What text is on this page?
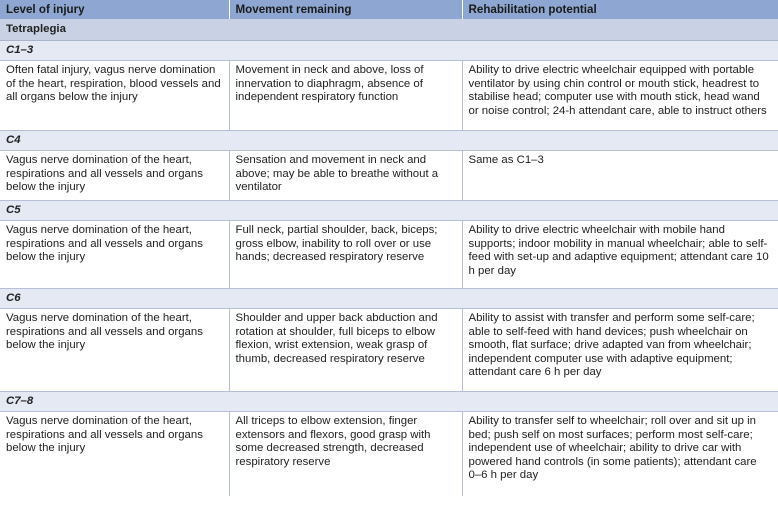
Level of injury	Movement remaining	Rehabilitation potential
Tetraplegia		
C1–3		
Often fatal injury, vagus nerve domination of the heart, respiration, blood vessels and all organs below the injury	Movement in neck and above, loss of innervation to diaphragm, absence of independent respiratory function	Ability to drive electric wheelchair equipped with portable ventilator by using chin control or mouth stick, headrest to stabilise head; computer use with mouth stick, head wand or noise control; 24-h attendant care, able to instruct others
C4		
Vagus nerve domination of the heart, respirations and all vessels and organs below the injury	Sensation and movement in neck and above; may be able to breathe without a ventilator	Same as C1–3
C5		
Vagus nerve domination of the heart, respirations and all vessels and organs below the injury	Full neck, partial shoulder, back, biceps; gross elbow, inability to roll over or use hands; decreased respiratory reserve	Ability to drive electric wheelchair with mobile hand supports; indoor mobility in manual wheelchair; able to self-feed with set-up and adaptive equipment; attendant care 10 h per day
C6		
Vagus nerve domination of the heart, respirations and all vessels and organs below the injury	Shoulder and upper back abduction and rotation at shoulder, full biceps to elbow flexion, wrist extension, weak grasp of thumb, decreased respiratory reserve	Ability to assist with transfer and perform some self-care; able to self-feed with hand devices; push wheelchair on smooth, flat surface; drive adapted van from wheelchair; independent computer use with adaptive equipment; attendant care 6 h per day
C7–8		
Vagus nerve domination of the heart, respirations and all vessels and organs below the injury	All triceps to elbow extension, finger extensors and flexors, good grasp with some decreased strength, decreased respiratory reserve	Ability to transfer self to wheelchair; roll over and sit up in bed; push self on most surfaces; perform most self-care; independent use of wheelchair; ability to drive car with powered hand controls (in some patients); attendant care 0–6 h per day
